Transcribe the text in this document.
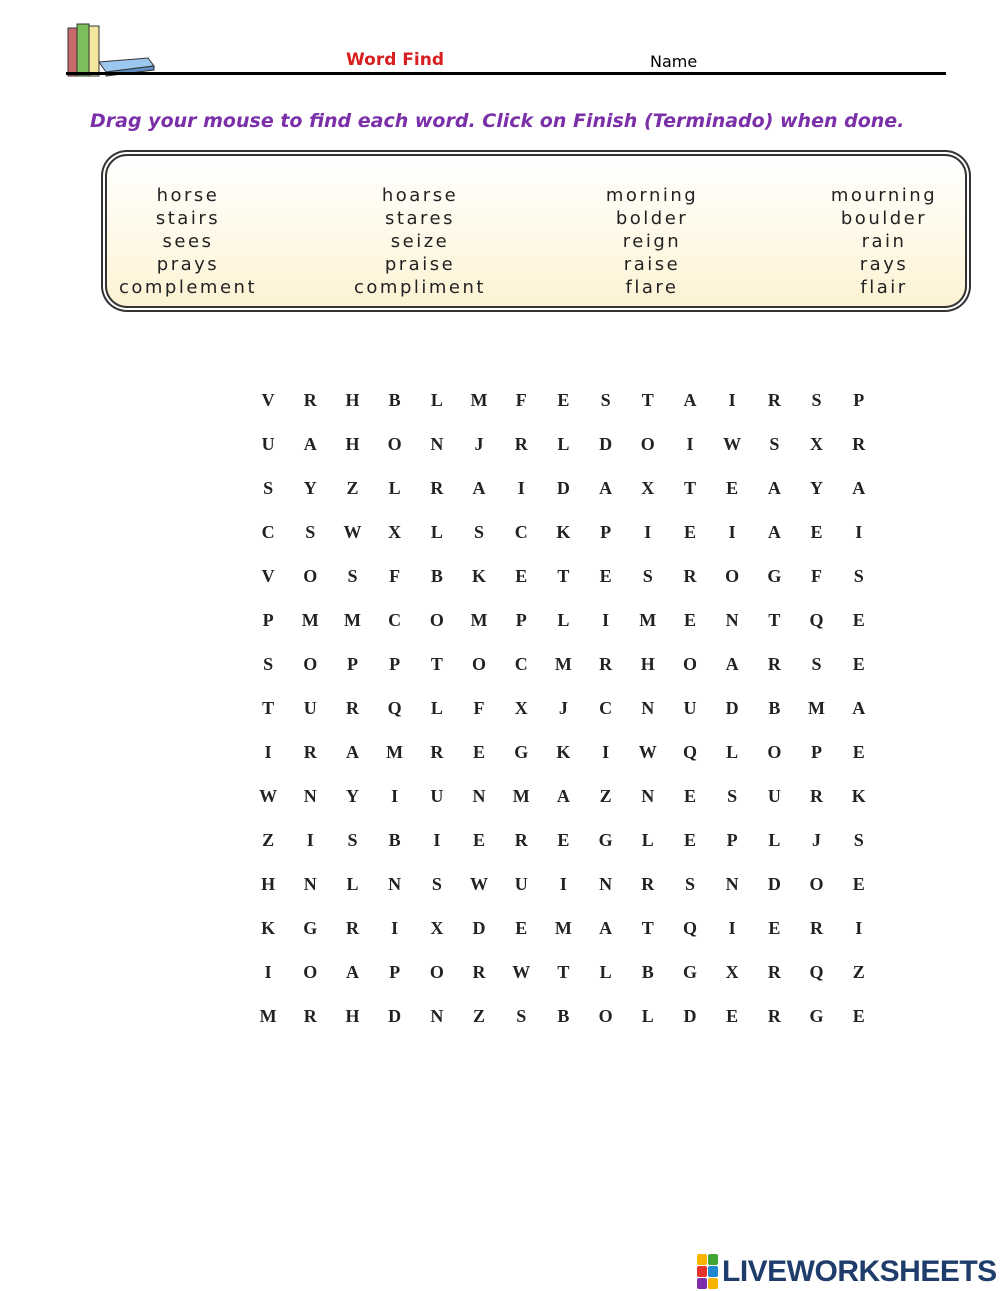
Word Find	Name
Drag your mouse to find each word. Click on Finish (Terminado) when done.
horse	hoarse	morning	mourning
stairs	stares	bolder	boulder
sees	seize	reign	rain
prays	praise	raise	rays
complement	compliment	flare	flair
V	R	H	B	L	M	F	E	S	T	A	I	R	S	P
U	A	H	O	N	J	R	L	D	O	I	W	S	X	R
S	Y	Z	L	R	A	I	D	A	X	T	E	A	Y	A
C	S	W	X	L	S	C	K	P	I	E	I	A	E	I
V	O	S	F	B	K	E	T	E	S	R	O	G	F	S
P	M	M	C	O	M	P	L	I	M	E	N	T	Q	E
S	O	P	P	T	O	C	M	R	H	O	A	R	S	E
T	U	R	Q	L	F	X	J	C	N	U	D	B	M	A
I	R	A	M	R	E	G	K	I	W	Q	L	O	P	E
W	N	Y	I	U	N	M	A	Z	N	E	S	U	R	K
Z	I	S	B	I	E	R	E	G	L	E	P	L	J	S
H	N	L	N	S	W	U	I	N	R	S	N	D	O	E
K	G	R	I	X	D	E	M	A	T	Q	I	E	R	I
I	O	A	P	O	R	W	T	L	B	G	X	R	Q	Z
M	R	H	D	N	Z	S	B	O	L	D	E	R	G	E
LIVEWORKSHEETS
